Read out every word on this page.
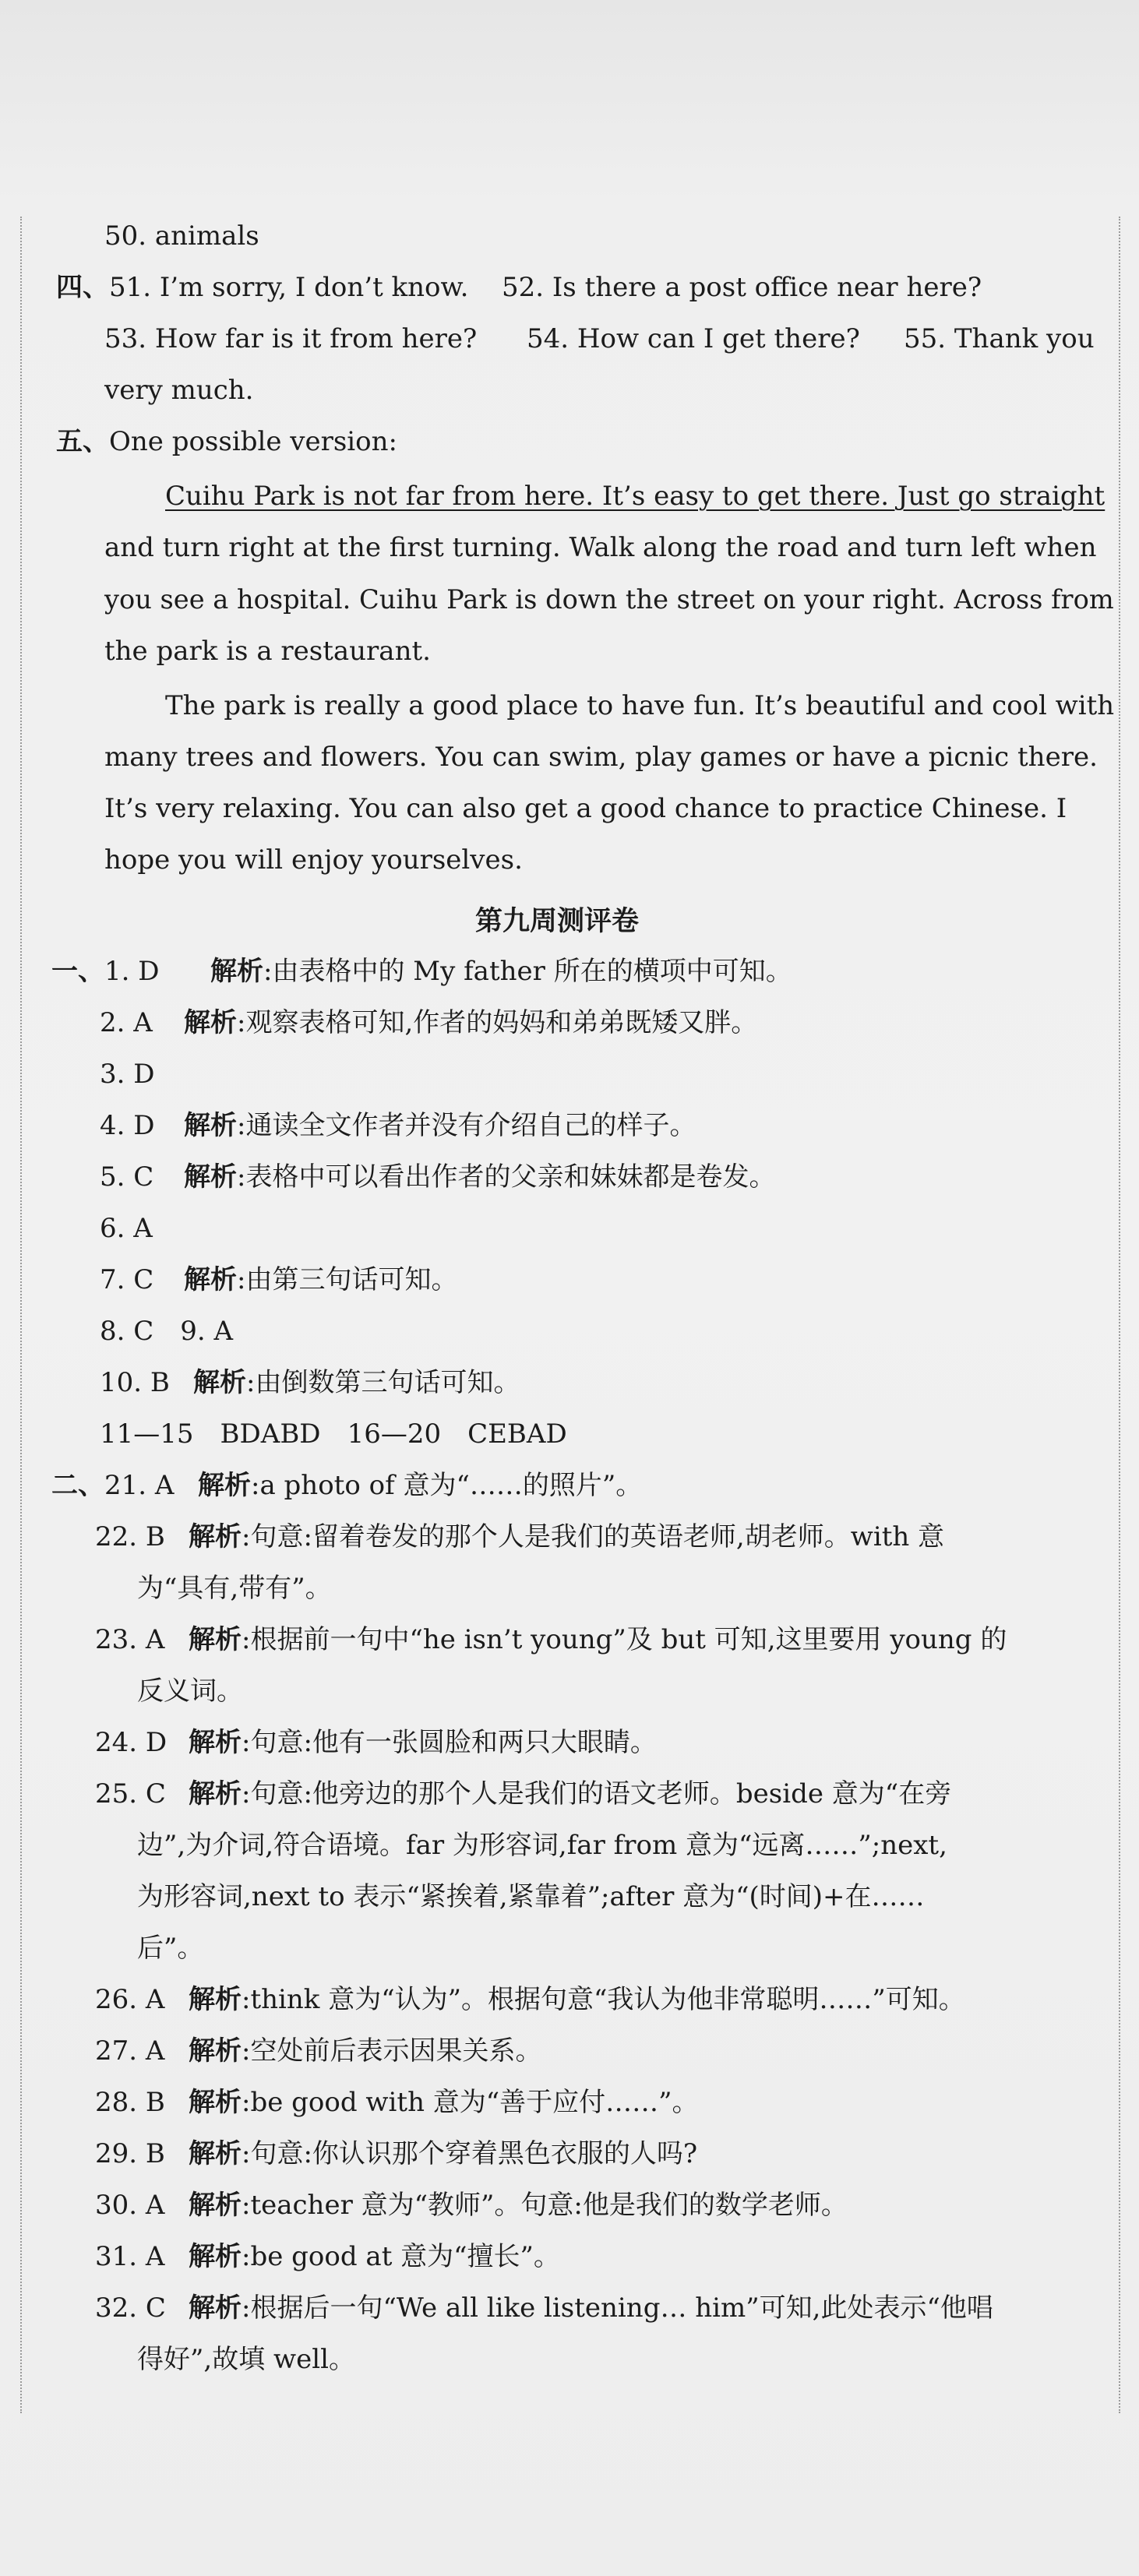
50. animals
四、51. I’m sorry, I don’t know. 52. Is there a post office near here?
53. How far is it from here? 54. How can I get there? 55. Thank you
very much.
五、One possible version:
Cuihu Park is not far from here. It’s easy to get there. Just go straight
and turn right at the first turning. Walk along the road and turn left when
you see a hospital. Cuihu Park is down the street on your right. Across from
the park is a restaurant.
The park is really a good place to have fun. It’s beautiful and cool with
many trees and flowers. You can swim, play games or have a picnic there.
It’s very relaxing. You can also get a good chance to practice Chinese. I
hope you will enjoy yourselves.
第九周测评卷
一、1. D 解析:由表格中的 My father 所在的横项中可知。
2. A 解析:观察表格可知,作者的妈妈和弟弟既矮又胖。
3. D
4. D 解析:通读全文作者并没有介绍自己的样子。
5. C 解析:表格中可以看出作者的父亲和妹妹都是卷发。
6. A
7. C 解析:由第三句话可知。
8. C　9. A
10. B 解析:由倒数第三句话可知。
11—15　BDABD　16—20　CEBAD
二、21. A 解析:a photo of 意为“……的照片”。
22. B 解析:句意:留着卷发的那个人是我们的英语老师,胡老师。with 意
为“具有,带有”。
23. A 解析:根据前一句中“he isn’t young”及 but 可知,这里要用 young 的
反义词。
24. D 解析:句意:他有一张圆脸和两只大眼睛。
25. C 解析:句意:他旁边的那个人是我们的语文老师。beside 意为“在旁
边”,为介词,符合语境。far 为形容词,far from 意为“远离……”;next,
为形容词,next to 表示“紧挨着,紧靠着”;after 意为“(时间)+在……
后”。
26. A 解析:think 意为“认为”。根据句意“我认为他非常聪明……”可知。
27. A 解析:空处前后表示因果关系。
28. B 解析:be good with 意为“善于应付……”。
29. B 解析:句意:你认识那个穿着黑色衣服的人吗?
30. A 解析:teacher 意为“教师”。句意:他是我们的数学老师。
31. A 解析:be good at 意为“擅长”。
32. C 解析:根据后一句“We all like listening… him”可知,此处表示“他唱
得好”,故填 well。
